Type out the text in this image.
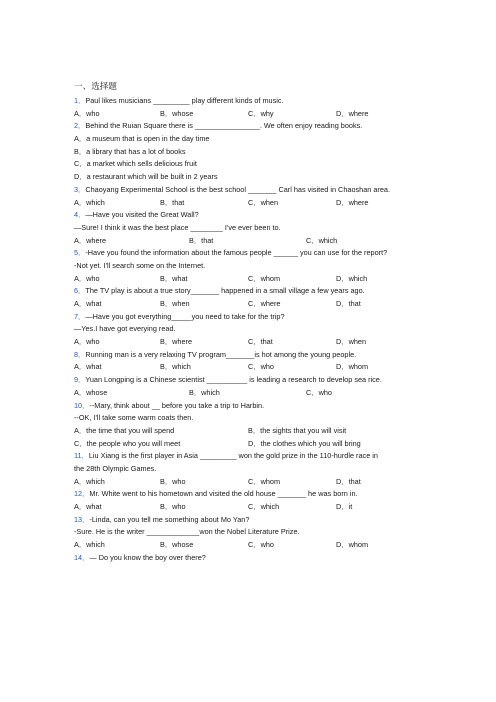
一、选择题
1．Paul likes musicians _________ play different kinds of music.
A．who	B．whose	C．why	D．where
2．Behind the Ruian Square there is ________________. We often enjoy reading books.
A．a museum that is open in the day time
B．a library that has a lot of books
C．a market which sells delicious fruit
D．a restaurant which will be built in 2 years
3．Chaoyang Experimental School is the best school _______ Carl has visited in Chaoshan area.
A．which	B．that	C．when	D．where
4．—Have you visited the Great Wall?
—Sure! I think it was the best place ________ I've ever been to.
A．where	B．that	C．which
5．-Have you found the information about the famous people ______ you can use for the report?
-Not yet. I'll search some on the Internet.
A．who	B．what	C．whom	D．which
6．The TV play is about a true story_______ happened in a small village a few years ago.
A．what	B．when	C．where	D．that
7．—Have you got everything_____you need to take for the trip?
—Yes.I have got everying read.
A．who	B．where	C．that	D．when
8．Running man is a very relaxing TV program_______is hot among the young people.
A．what	B．which	C．who	D．whom
9．Yuan Longping is a Chinese scientist __________ is leading a research to develop sea rice.
A．whose	B．which	C．who
10．--Mary, think about __ before you take a trip to Harbin.
--OK, I'll take some warm coats then.
A．the time that you will spend	B．the sights that you will visit
C．the people who you will meet	D．the clothes which you will bring
11．Liu Xiang is the first player in Asia _________ won the gold prize in the 110-hurdle race in
the 28th Olympic Games.
A．which	B．who	C．whom	D．that
12．Mr. White went to his hometown and visited the old house _______ he was born in.
A．what	B．who	C．which	D．it
13．-Linda, can you tell me something about Mo Yan?
-Sure. He is the writer _____________won the Nobel Literature Prize.
A．which	B．whose	C．who	D．whom
14．— Do you know the boy over there?
